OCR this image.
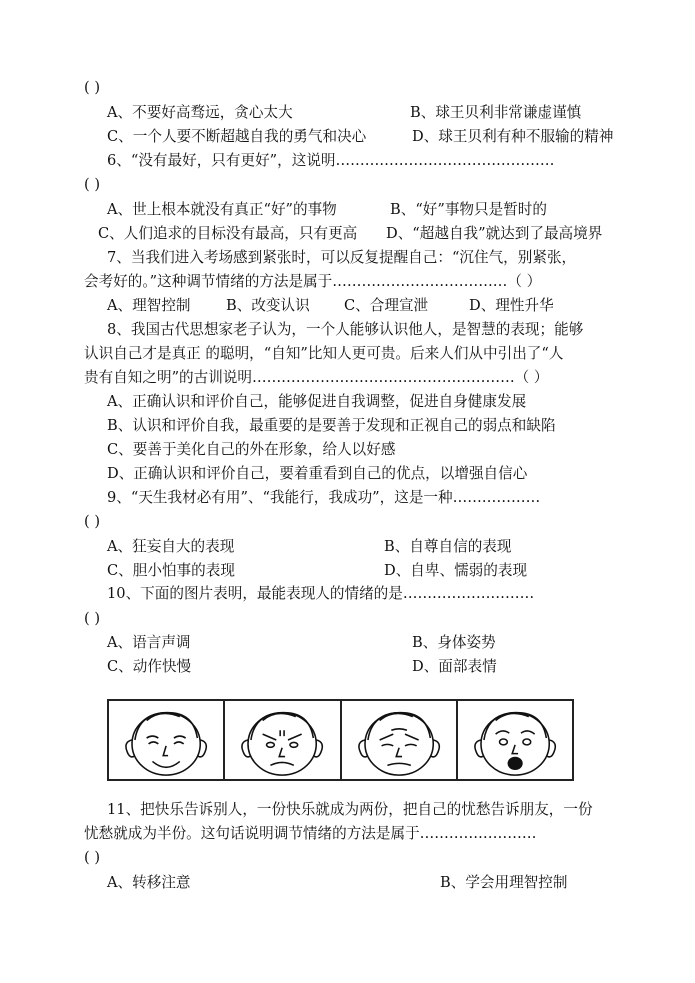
( )
A、不要好高骛远，贪心太大	B、球王贝利非常谦虚谨慎
C、一个人要不断超越自我的勇气和决心	D、球王贝利有种不服输的精神
6、“没有最好，只有更好”，这说明………………………………………
( )
A、世上根本就没有真正“好”的事物	B、“好”事物只是暂时的
C、人们追求的目标没有最高，只有更高 D、“超越自我”就达到了最高境界
7、当我们进入考场感到紧张时，可以反复提醒自己：“沉住气，别紧张，
会考好的。”这种调节情绪的方法是属于………………………………（ ）
A、理智控制 B、改变认识 C、合理宣泄	D、理性升华
8、我国古代思想家老子认为，一个人能够认识他人，是智慧的表现；能够
认识自己才是真正 的聪明，“自知”比知人更可贵。后来人们从中引出了“人
贵有自知之明”的古训说明………………………………………………（ ）
A、正确认识和评价自己，能够促进自我调整，促进自身健康发展
B、认识和评价自我，最重要的是要善于发现和正视自己的弱点和缺陷
C、要善于美化自己的外在形象，给人以好感
D、正确认识和评价自己，要着重看到自己的优点，以增强自信心
9、“天生我材必有用”、“我能行，我成功”，这是一种………………
( )
A、狂妄自大的表现	B、自尊自信的表现
C、胆小怕事的表现	D、自卑、懦弱的表现
10、下面的图片表明，最能表现人的情绪的是………………………
( )
A、语言声调	B、身体姿势
C、动作快慢	D、面部表情
11、把快乐告诉别人，一份快乐就成为两份，把自己的忧愁告诉朋友，一份
忧愁就成为半份。这句话说明调节情绪的方法是属于……………………
( )
A、转移注意	B、学会用理智控制
